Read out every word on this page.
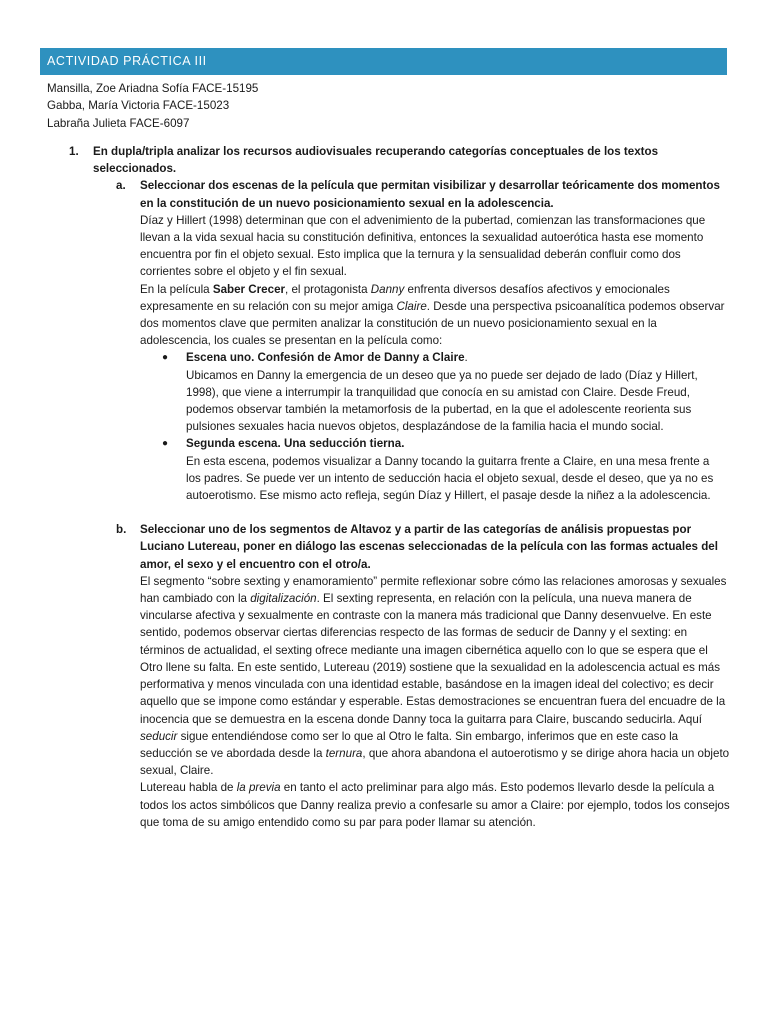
ACTIVIDAD PRÁCTICA III
Mansilla, Zoe Ariadna Sofía FACE-15195
Gabba, María Victoria FACE-15023
Labraña Julieta FACE-6097
1. En dupla/tripla analizar los recursos audiovisuales recuperando categorías conceptuales de los textos seleccionados.
a. Seleccionar dos escenas de la película que permitan visibilizar y desarrollar teóricamente dos momentos en la constitución de un nuevo posicionamiento sexual en la adolescencia.
Díaz y Hillert (1998) determinan que con el advenimiento de la pubertad, comienzan las transformaciones que llevan a la vida sexual hacia su constitución definitiva, entonces la sexualidad autoerótica hasta ese momento encuentra por fin el objeto sexual. Esto implica que la ternura y la sensualidad deberán confluir como dos corrientes sobre el objeto y el fin sexual.
En la película Saber Crecer, el protagonista Danny enfrenta diversos desafíos afectivos y emocionales expresamente en su relación con su mejor amiga Claire. Desde una perspectiva psicoanalítica podemos observar dos momentos clave que permiten analizar la constitución de un nuevo posicionamiento sexual en la adolescencia, los cuales se presentan en la película como:
● Escena uno. Confesión de Amor de Danny a Claire.
Ubicamos en Danny la emergencia de un deseo que ya no puede ser dejado de lado (Díaz y Hillert, 1998), que viene a interrumpir la tranquilidad que conocía en su amistad con Claire. Desde Freud, podemos observar también la metamorfosis de la pubertad, en la que el adolescente reorienta sus pulsiones sexuales hacia nuevos objetos, desplazándose de la familia hacia el mundo social.
● Segunda escena. Una seducción tierna.
En esta escena, podemos visualizar a Danny tocando la guitarra frente a Claire, en una mesa frente a los padres. Se puede ver un intento de seducción hacia el objeto sexual, desde el deseo, que ya no es autoerotismo. Ese mismo acto refleja, según Díaz y Hillert, el pasaje desde la niñez a la adolescencia.
b. Seleccionar uno de los segmentos de Altavoz y a partir de las categorías de análisis propuestas por Luciano Lutereau, poner en diálogo las escenas seleccionadas de la película con las formas actuales del amor, el sexo y el encuentro con el otro/a.
El segmento “sobre sexting y enamoramiento” permite reflexionar sobre cómo las relaciones amorosas y sexuales han cambiado con la digitalización. El sexting representa, en relación con la película, una nueva manera de vincularse afectiva y sexualmente en contraste con la manera más tradicional que Danny desenvuelve. En este sentido, podemos observar ciertas diferencias respecto de las formas de seducir de Danny y el sexting: en términos de actualidad, el sexting ofrece mediante una imagen cibernética aquello con lo que se espera que el Otro llene su falta. En este sentido, Lutereau (2019) sostiene que la sexualidad en la adolescencia actual es más performativa y menos vinculada con una identidad estable, basándose en la imagen ideal del colectivo; es decir aquello que se impone como estándar y esperable. Estas demostraciones se encuentran fuera del encuadre de la inocencia que se demuestra en la escena donde Danny toca la guitarra para Claire, buscando seducirla. Aquí seducir sigue entendiéndose como ser lo que al Otro le falta. Sin embargo, inferimos que en este caso la seducción se ve abordada desde la ternura, que ahora abandona el autoerotismo y se dirige ahora hacia un objeto sexual, Claire.
Lutereau habla de la previa en tanto el acto preliminar para algo más. Esto podemos llevarlo desde la película a todos los actos simbólicos que Danny realiza previo a confesarle su amor a Claire: por ejemplo, todos los consejos que toma de su amigo entendido como su par para poder llamar su atención.
